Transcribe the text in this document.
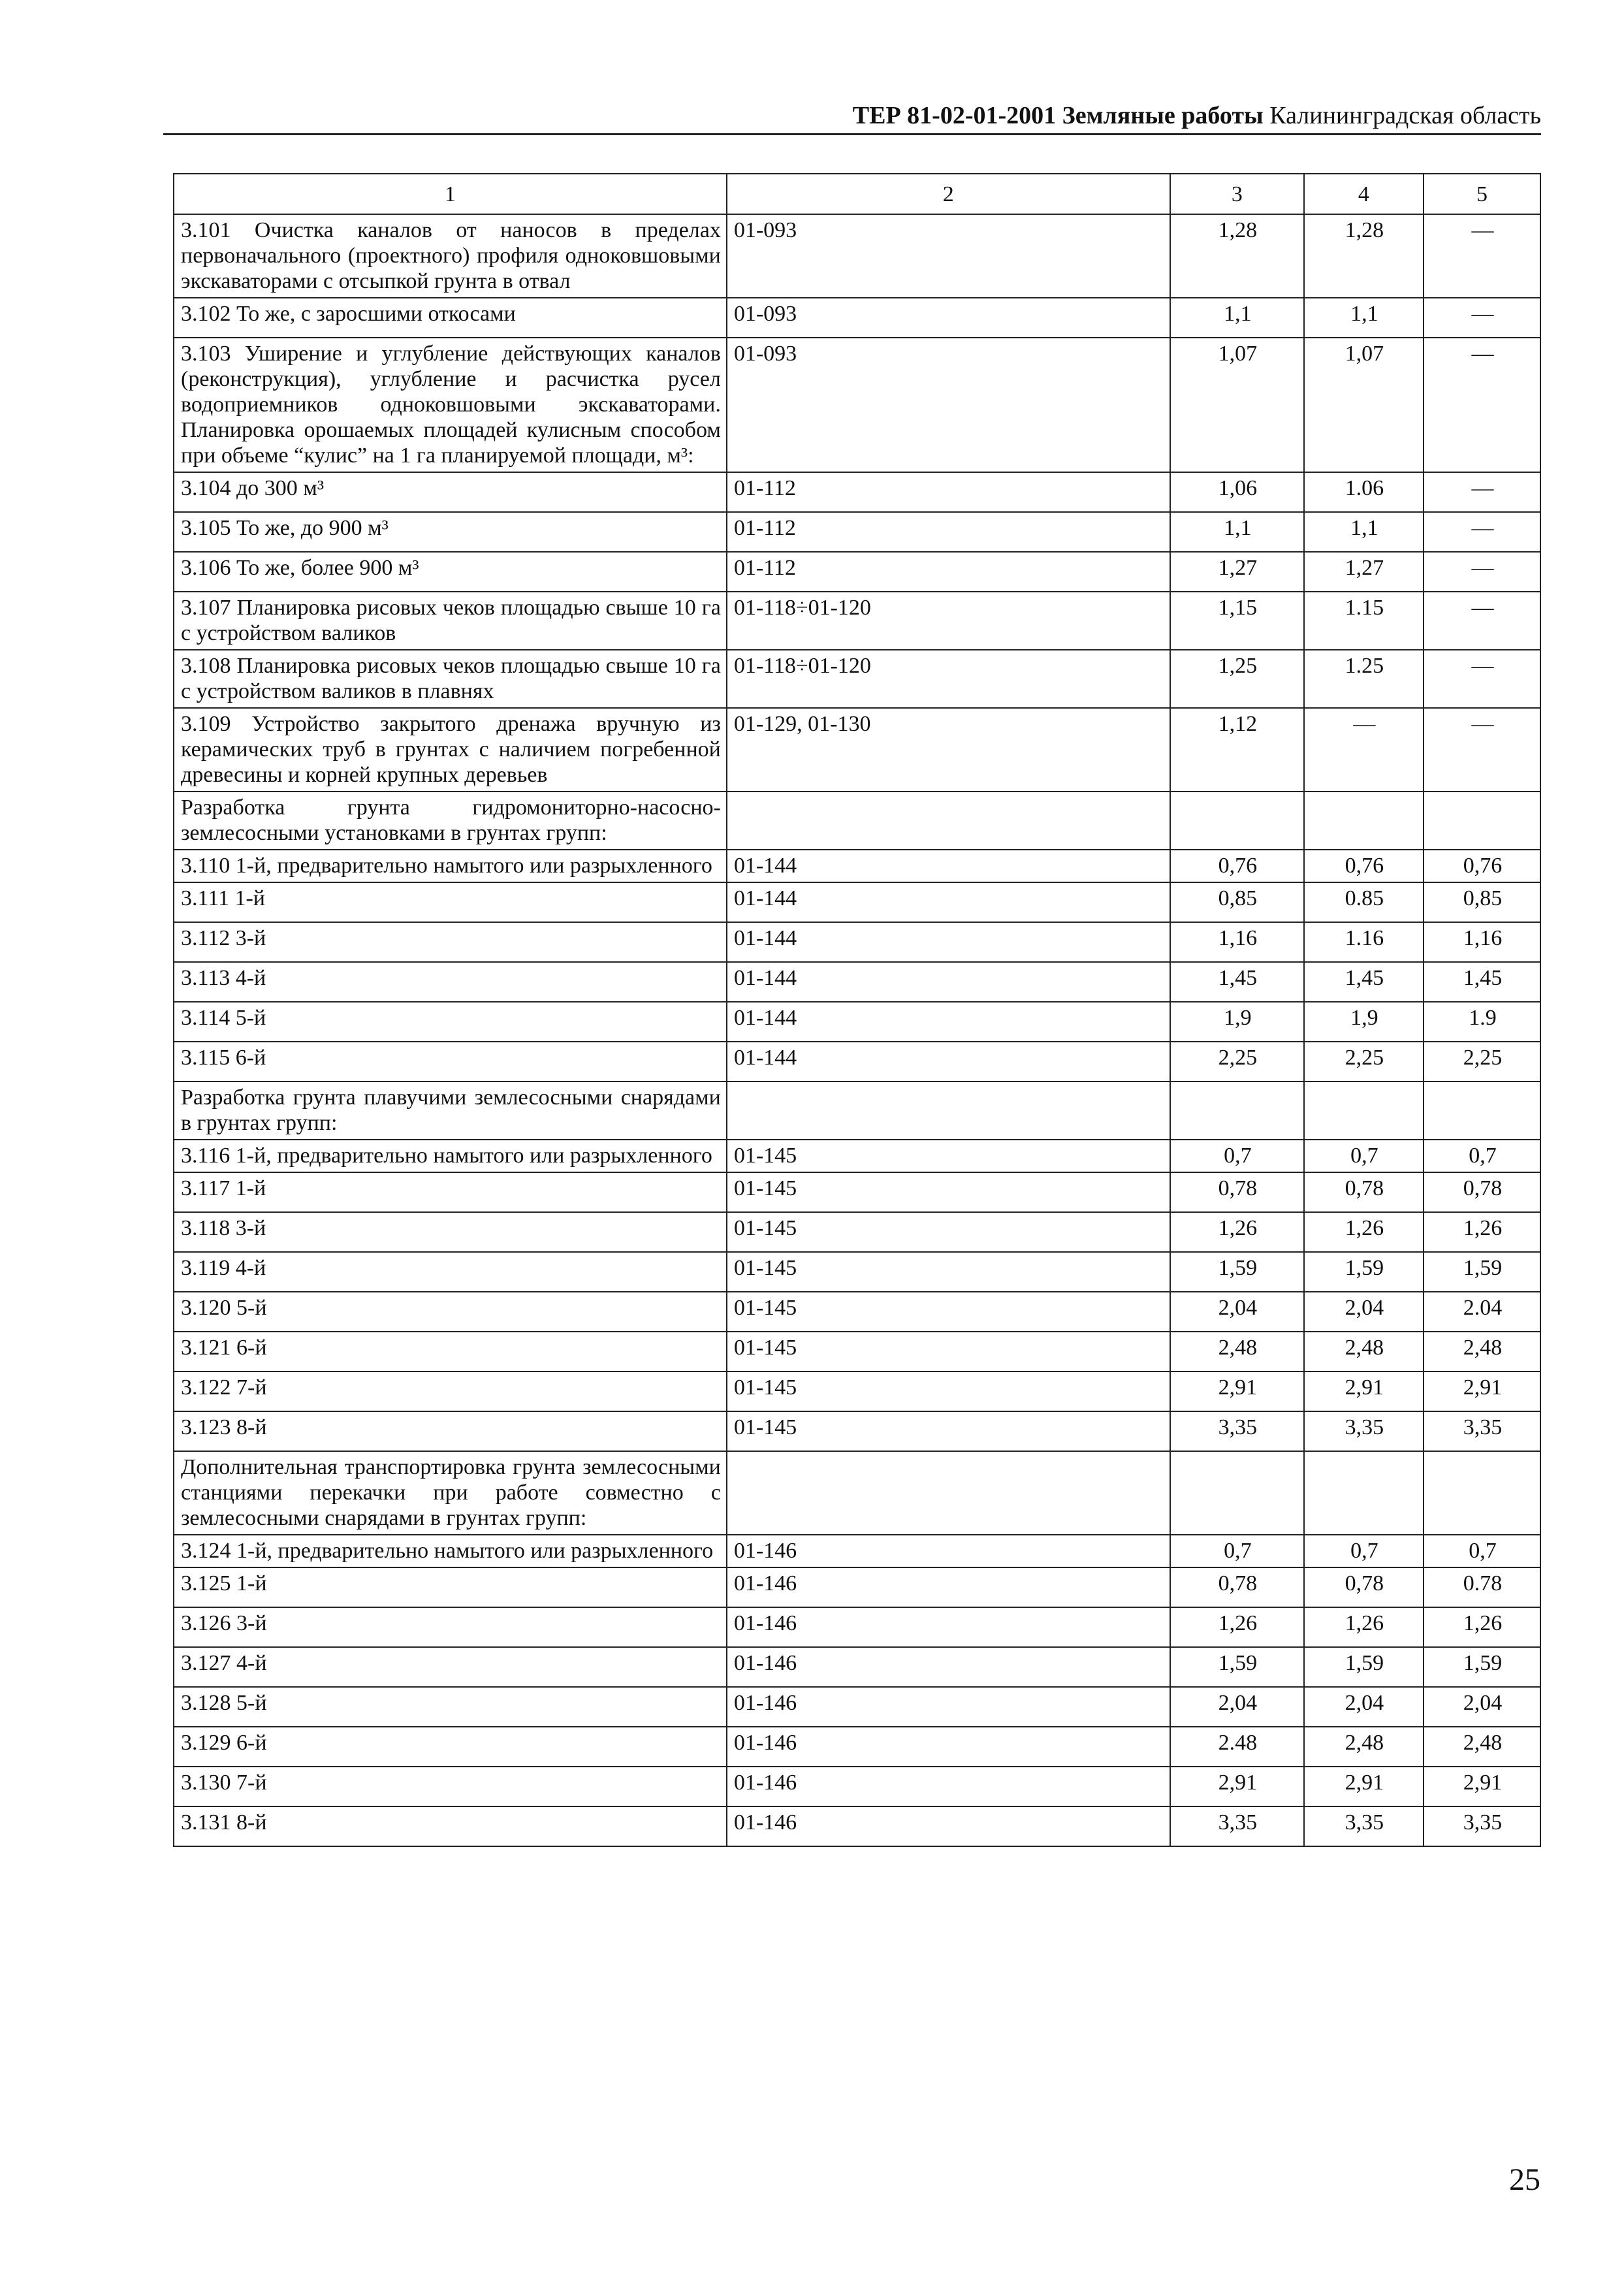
ТЕР 81-02-01-2001 Земляные работы Калининградская область
1	2	3	4	5
3.101 Очистка каналов от наносов в пределах первоначального (проектного) профиля одноковшовыми экскаваторами с отсыпкой грунта в отвал	01-093	1,28	1,28	—
3.102 То же, с заросшими откосами	01-093	1,1	1,1	—
3.103 Уширение и углубление действующих каналов (реконструкция), углубление и расчистка русел водоприемников одноковшовыми экскаваторами. Планировка орошаемых площадей кулисным способом при объеме “кулис” на 1 га планируемой площади, м³:	01-093	1,07	1,07	—
3.104 до 300 м³	01-112	1,06	1.06	—
3.105 То же, до 900 м³	01-112	1,1	1,1	—
3.106 То же, более 900 м³	01-112	1,27	1,27	—
3.107 Планировка рисовых чеков площадью свыше 10 га с устройством валиков	01-118÷01-120	1,15	1.15	—
3.108 Планировка рисовых чеков площадью свыше 10 га с устройством валиков в плавнях	01-118÷01-120	1,25	1.25	—
3.109 Устройство закрытого дренажа вручную из керамических труб в грунтах с наличием погребенной древесины и корней крупных деревьев	01-129, 01-130	1,12	—	—
Разработка грунта гидромониторно-насосно-землесосными установками в грунтах групп:				
3.110 1-й, предварительно намытого или разрыхленного	01-144	0,76	0,76	0,76
3.111 1-й	01-144	0,85	0.85	0,85
3.112 3-й	01-144	1,16	1.16	1,16
3.113 4-й	01-144	1,45	1,45	1,45
3.114 5-й	01-144	1,9	1,9	1.9
3.115 6-й	01-144	2,25	2,25	2,25
Разработка грунта плавучими землесосными снарядами в грунтах групп:				
3.116 1-й, предварительно намытого или разрыхленного	01-145	0,7	0,7	0,7
3.117 1-й	01-145	0,78	0,78	0,78
3.118 3-й	01-145	1,26	1,26	1,26
3.119 4-й	01-145	1,59	1,59	1,59
3.120 5-й	01-145	2,04	2,04	2.04
3.121 6-й	01-145	2,48	2,48	2,48
3.122 7-й	01-145	2,91	2,91	2,91
3.123 8-й	01-145	3,35	3,35	3,35
Дополнительная транспортировка грунта землесосными станциями перекачки при работе совместно с землесосными снарядами в грунтах групп:				
3.124 1-й, предварительно намытого или разрыхленного	01-146	0,7	0,7	0,7
3.125 1-й	01-146	0,78	0,78	0.78
3.126 3-й	01-146	1,26	1,26	1,26
3.127 4-й	01-146	1,59	1,59	1,59
3.128 5-й	01-146	2,04	2,04	2,04
3.129 6-й	01-146	2.48	2,48	2,48
3.130 7-й	01-146	2,91	2,91	2,91
3.131 8-й	01-146	3,35	3,35	3,35
25
